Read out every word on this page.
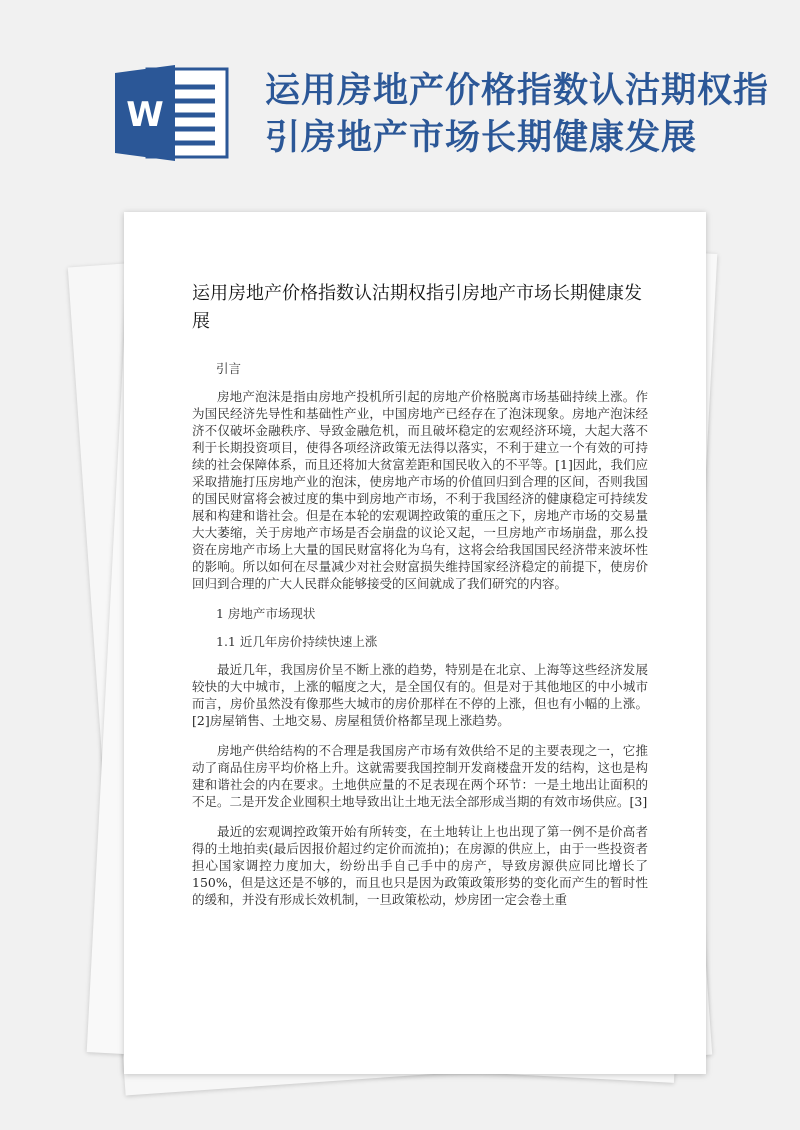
W
运用房地产价格指数认沽期权指引房地产市场长期健康发展
运用房地产价格指数认沽期权指引房地产市场长期健康发展
引言

房地产泡沫是指由房地产投机所引起的房地产价格脱离市场基础持续上涨。作为国民经济先导性和基础性产业，中国房地产已经存在了泡沫现象。房地产泡沫经济不仅破坏金融秩序、导致金融危机，而且破坏稳定的宏观经济环境，大起大落不利于长期投资项目，使得各项经济政策无法得以落实，不利于建立一个有效的可持续的社会保障体系，而且还将加大贫富差距和国民收入的不平等。[1]因此，我们应采取措施打压房地产业的泡沫，使房地产市场的价值回归到合理的区间，否则我国的国民财富将会被过度的集中到房地产市场，不利于我国经济的健康稳定可持续发展和构建和谐社会。但是在本轮的宏观调控政策的重压之下，房地产市场的交易量大大萎缩，关于房地产市场是否会崩盘的议论又起，一旦房地产市场崩盘，那么投资在房地产市场上大量的国民财富将化为乌有，这将会给我国国民经济带来波坏性的影响。所以如何在尽量减少对社会财富损失维持国家经济稳定的前提下，使房价回归到合理的广大人民群众能够接受的区间就成了我们研究的内容。

1 房地产市场现状
1.1 近几年房价持续快速上涨

最近几年，我国房价呈不断上涨的趋势，特别是在北京、上海等这些经济发展较快的大中城市，上涨的幅度之大，是全国仅有的。但是对于其他地区的中小城市而言，房价虽然没有像那些大城市的房价那样在不停的上涨，但也有小幅的上涨。[2]房屋销售、土地交易、房屋租赁价格都呈现上涨趋势。

房地产供给结构的不合理是我国房产市场有效供给不足的主要表现之一，它推动了商品住房平均价格上升。这就需要我国控制开发商楼盘开发的结构，这也是构建和谐社会的内在要求。土地供应量的不足表现在两个环节：一是土地出让面积的不足。二是开发企业囤积土地导致出让土地无法全部形成当期的有效市场供应。[3]

最近的宏观调控政策开始有所转变，在土地转让上也出现了第一例不是价高者得的土地拍卖(最后因报价超过约定价而流拍)；在房源的供应上，由于一些投资者担心国家调控力度加大，纷纷出手自己手中的房产，导致房源供应同比增长了 150%，但是这还是不够的，而且也只是因为政策政策形势的变化而产生的暂时性的缓和，并没有形成长效机制，一旦政策松动，炒房团一定会卷土重
